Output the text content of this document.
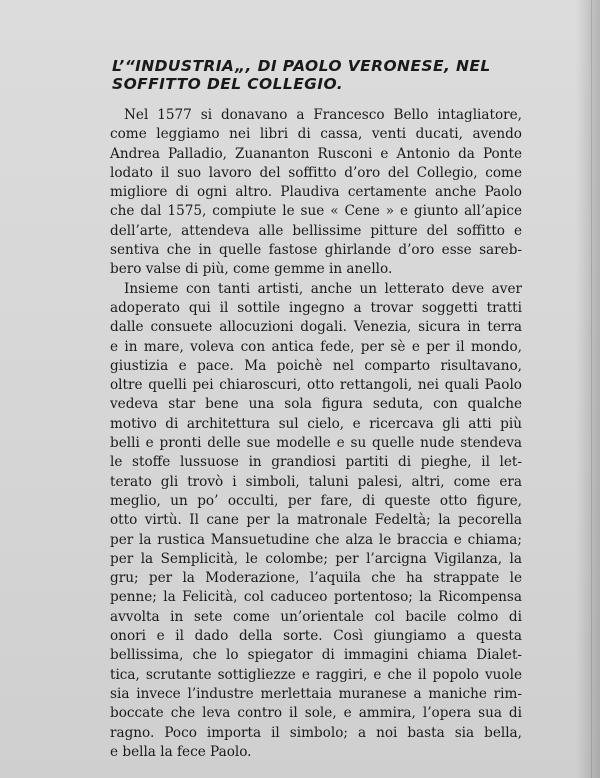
L’“INDUSTRIA„, DI PAOLO VERONESE, NEL
SOFFITTO DEL COLLEGIO.

Nel 1577 si donavano a Francesco Bello intagliatore,
come leggiamo nei libri di cassa, venti ducati, avendo
Andrea Palladio, Zuananton Rusconi e Antonio da Ponte
lodato il suo lavoro del soffitto d’oro del Collegio, come
migliore di ogni altro. Plaudiva certamente anche Paolo
che dal 1575, compiute le sue « Cene » e giunto all’apice
dell’arte, attendeva alle bellissime pitture del soffitto e
sentiva che in quelle fastose ghirlande d’oro esse sareb-
bero valse di più, come gemme in anello.

Insieme con tanti artisti, anche un letterato deve aver
adoperato qui il sottile ingegno a trovar soggetti tratti
dalle consuete allocuzioni dogali. Venezia, sicura in terra
e in mare, voleva con antica fede, per sè e per il mondo,
giustizia e pace. Ma poichè nel comparto risultavano,
oltre quelli pei chiaroscuri, otto rettangoli, nei quali Paolo
vedeva star bene una sola figura seduta, con qualche
motivo di architettura sul cielo, e ricercava gli atti più
belli e pronti delle sue modelle e su quelle nude stendeva
le stoffe lussuose in grandiosi partiti di pieghe, il let-
terato gli trovò i simboli, taluni palesi, altri, come era
meglio, un po’ occulti, per fare, di queste otto figure,
otto virtù. Il cane per la matronale Fedeltà; la pecorella
per la rustica Mansuetudine che alza le braccia e chiama;
per la Semplicità, le colombe; per l’arcigna Vigilanza, la
gru; per la Moderazione, l’aquila che ha strappate le
penne; la Felicità, col caduceo portentoso; la Ricompensa
avvolta in sete come un’orientale col bacile colmo di
onori e il dado della sorte. Così giungiamo a questa
bellissima, che lo spiegator di immagini chiama Dialet-
tica, scrutante sottigliezze e raggiri, e che il popolo vuole
sia invece l’industre merlettaia muranese a maniche rim-
boccate che leva contro il sole, e ammira, l’opera sua di
ragno. Poco importa il simbolo; a noi basta sia bella,
e bella la fece Paolo.
